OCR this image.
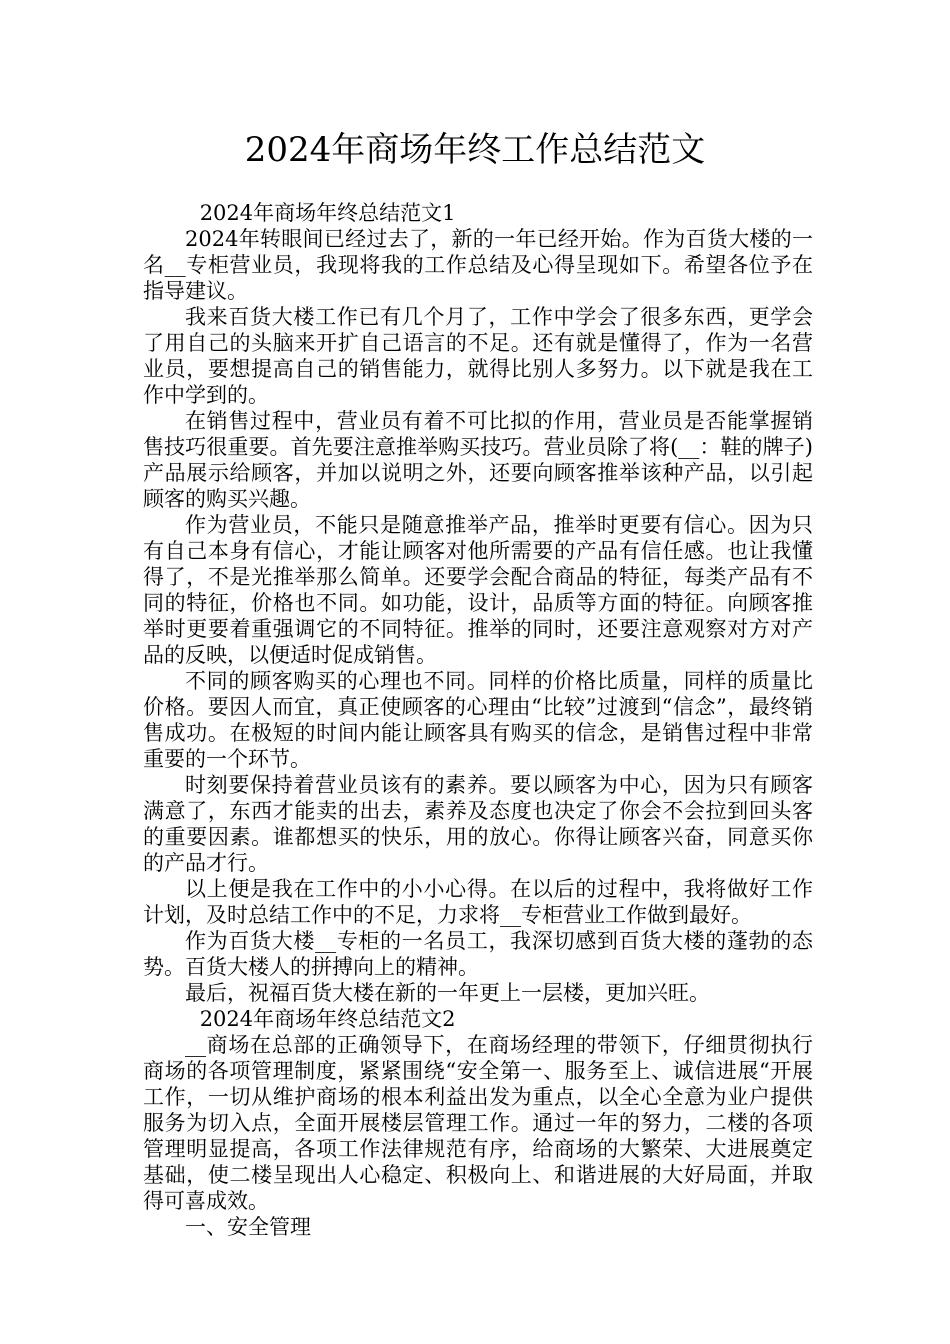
2024年商场年终工作总结范文

2024年商场年终总结范文1

2024年转眼间已经过去了，新的一年已经开始。作为百货大楼的一名__专柜营业员，我现将我的工作总结及心得呈现如下。希望各位予在指导建议。

我来百货大楼工作已有几个月了，工作中学会了很多东西，更学会了用自己的头脑来开扩自己语言的不足。还有就是懂得了，作为一名营业员，要想提高自己的销售能力，就得比别人多努力。以下就是我在工作中学到的。

在销售过程中，营业员有着不可比拟的作用，营业员是否能掌握销售技巧很重要。首先要注意推举购买技巧。营业员除了将(__：鞋的牌子)产品展示给顾客，并加以说明之外，还要向顾客推举该种产品，以引起顾客的购买兴趣。

作为营业员，不能只是随意推举产品，推举时更要有信心。因为只有自己本身有信心，才能让顾客对他所需要的产品有信任感。也让我懂得了，不是光推举那么简单。还要学会配合商品的特征，每类产品有不同的特征，价格也不同。如功能，设计，品质等方面的特征。向顾客推举时更要着重强调它的不同特征。推举的同时，还要注意观察对方对产品的反映，以便适时促成销售。

不同的顾客购买的心理也不同。同样的价格比质量，同样的质量比价格。要因人而宜，真正使顾客的心理由“比较”过渡到“信念”，最终销售成功。在极短的时间内能让顾客具有购买的信念，是销售过程中非常重要的一个环节。

时刻要保持着营业员该有的素养。要以顾客为中心，因为只有顾客满意了，东西才能卖的出去，素养及态度也决定了你会不会拉到回头客的重要因素。谁都想买的快乐，用的放心。你得让顾客兴奋，同意买你的产品才行。

以上便是我在工作中的小小心得。在以后的过程中，我将做好工作计划，及时总结工作中的不足，力求将__专柜营业工作做到最好。

作为百货大楼__专柜的一名员工，我深切感到百货大楼的蓬勃的态势。百货大楼人的拼搏向上的精神。

最后，祝福百货大楼在新的一年更上一层楼，更加兴旺。

2024年商场年终总结范文2

__商场在总部的正确领导下，在商场经理的带领下，仔细贯彻执行商场的各项管理制度，紧紧围绕“安全第一、服务至上、诚信进展“开展工作，一切从维护商场的根本利益出发为重点，以全心全意为业户提供服务为切入点，全面开展楼层管理工作。通过一年的努力，二楼的各项管理明显提高，各项工作法律规范有序，给商场的大繁荣、大进展奠定基础，使二楼呈现出人心稳定、积极向上、和谐进展的大好局面，并取得可喜成效。

一、安全管理
